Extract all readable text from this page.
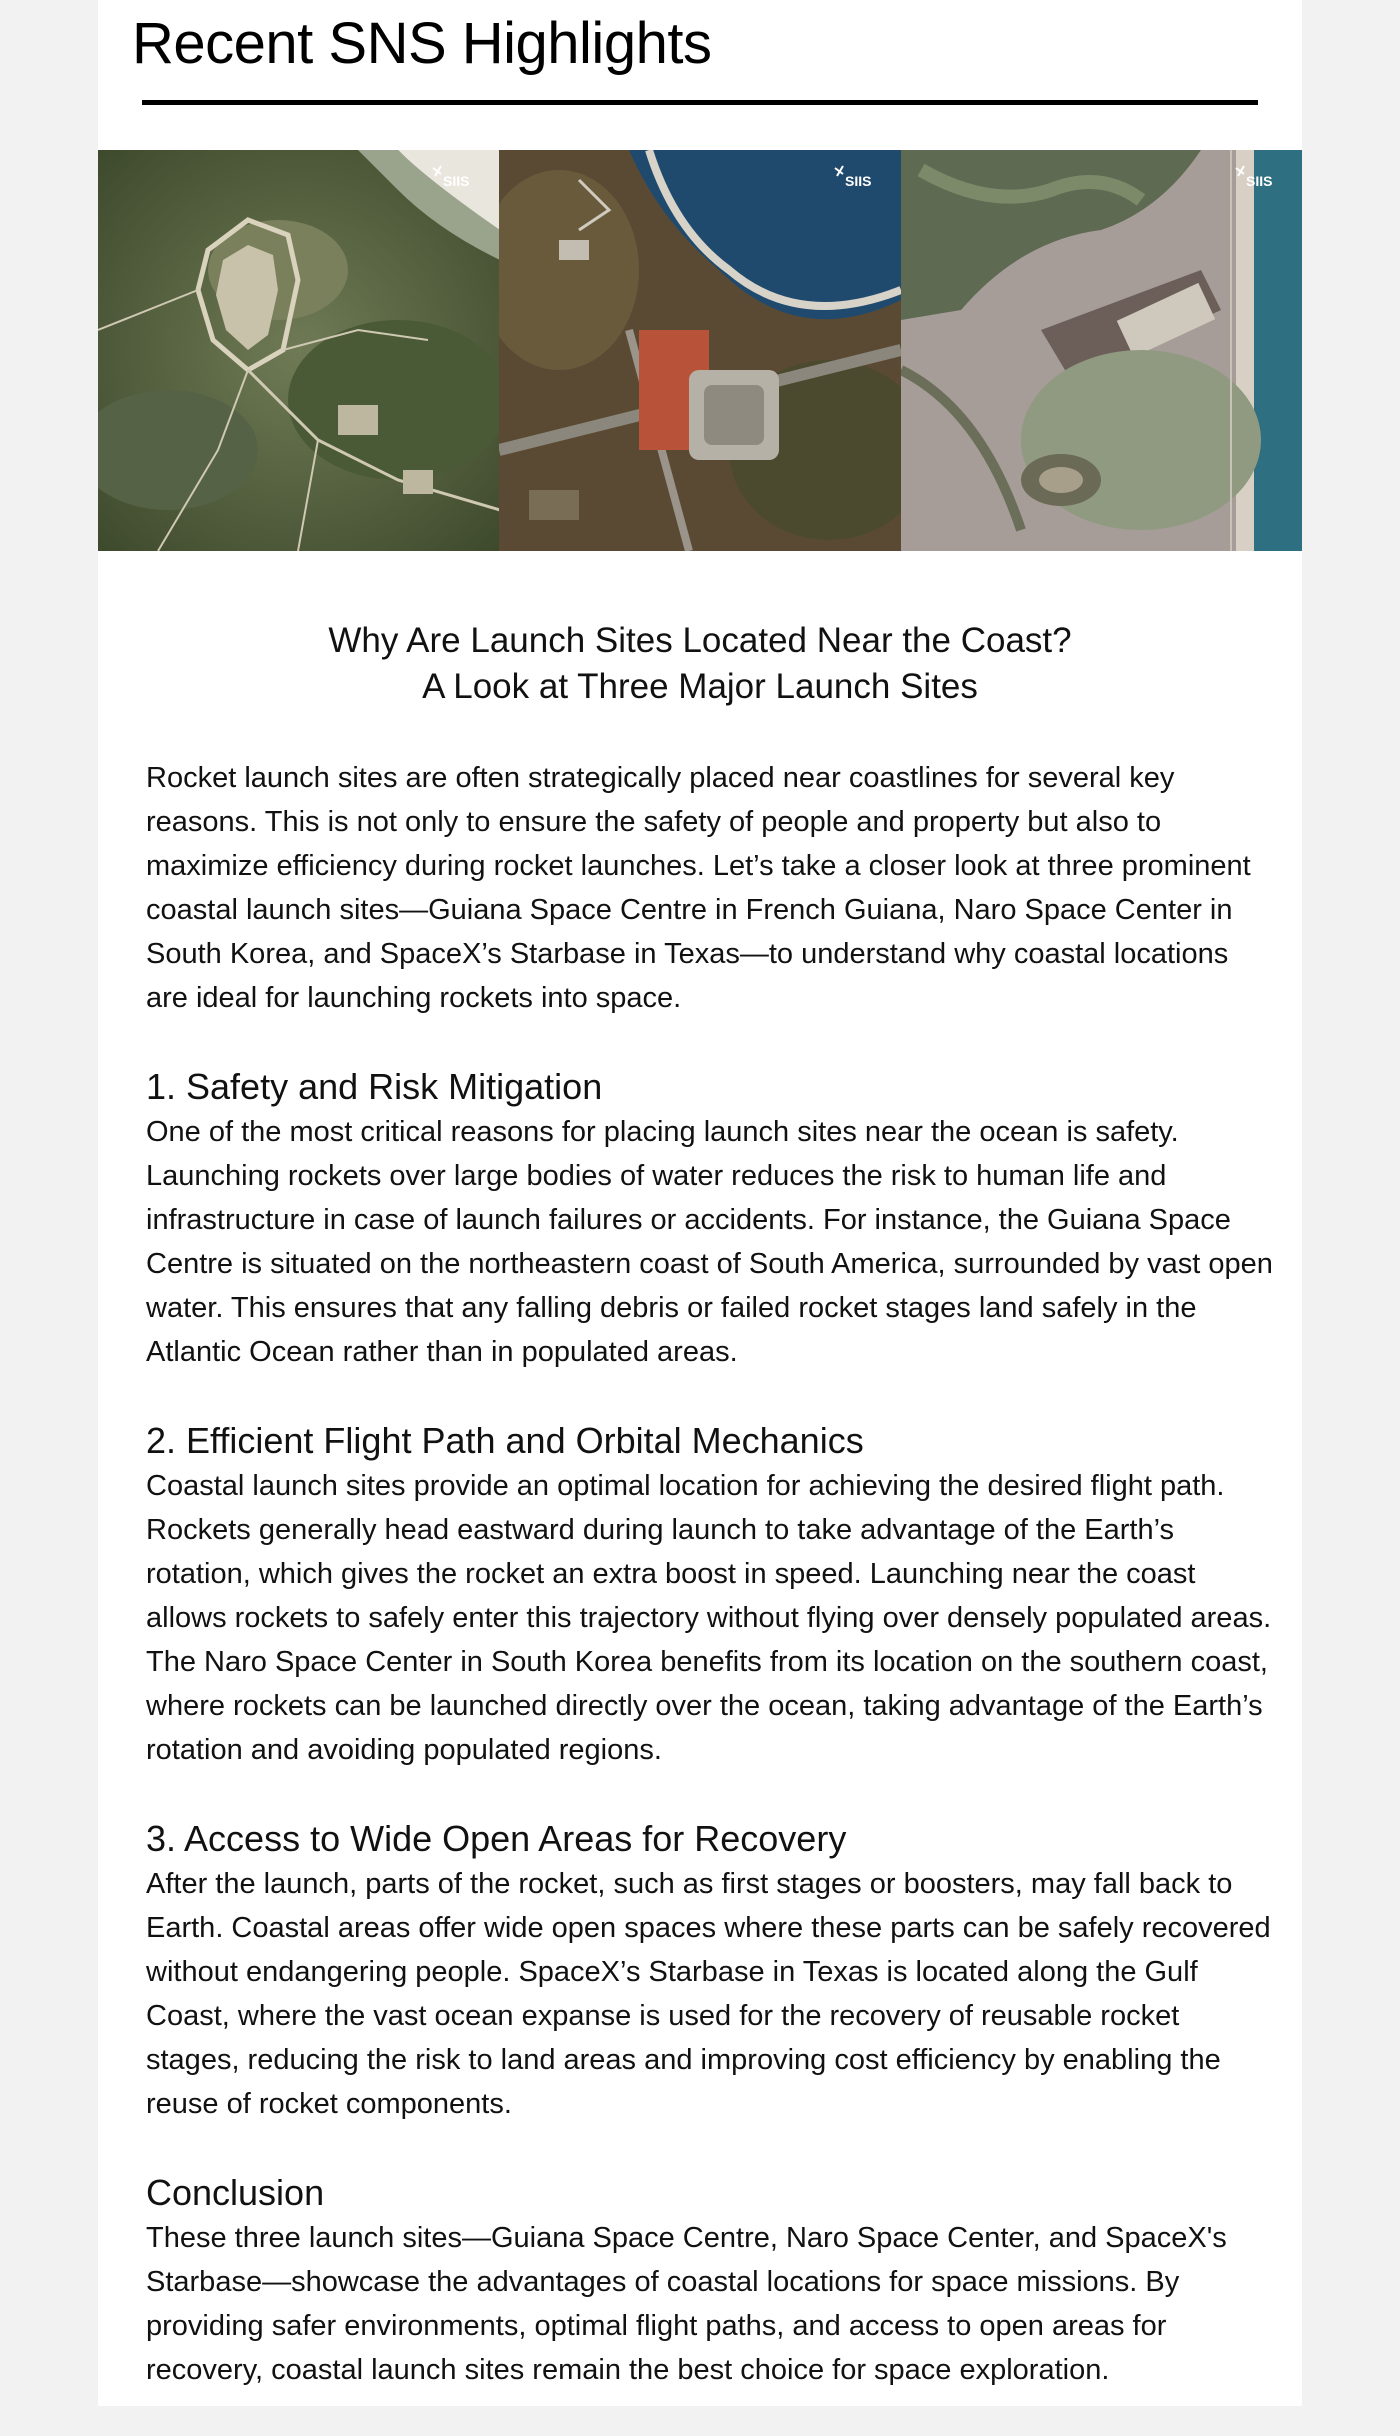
Recent SNS Highlights
SIIS	SIIS	SIIS
Why Are Launch Sites Located Near the Coast?
A Look at Three Major Launch Sites

Rocket launch sites are often strategically placed near coastlines for several key reasons. This is not only to ensure the safety of people and property but also to maximize efficiency during rocket launches. Let’s take a closer look at three prominent coastal launch sites—Guiana Space Centre in French Guiana, Naro Space Center in South Korea, and SpaceX’s Starbase in Texas—to understand why coastal locations are ideal for launching rockets into space.

1. Safety and Risk Mitigation

One of the most critical reasons for placing launch sites near the ocean is safety. Launching rockets over large bodies of water reduces the risk to human life and infrastructure in case of launch failures or accidents. For instance, the Guiana Space Centre is situated on the northeastern coast of South America, surrounded by vast open water. This ensures that any falling debris or failed rocket stages land safely in the Atlantic Ocean rather than in populated areas.

2. Efficient Flight Path and Orbital Mechanics

Coastal launch sites provide an optimal location for achieving the desired flight path. Rockets generally head eastward during launch to take advantage of the Earth’s rotation, which gives the rocket an extra boost in speed. Launching near the coast allows rockets to safely enter this trajectory without flying over densely populated areas. The Naro Space Center in South Korea benefits from its location on the southern coast, where rockets can be launched directly over the ocean, taking advantage of the Earth’s rotation and avoiding populated regions.

3. Access to Wide Open Areas for Recovery

After the launch, parts of the rocket, such as first stages or boosters, may fall back to Earth. Coastal areas offer wide open spaces where these parts can be safely recovered without endangering people. SpaceX’s Starbase in Texas is located along the Gulf Coast, where the vast ocean expanse is used for the recovery of reusable rocket stages, reducing the risk to land areas and improving cost efficiency by enabling the reuse of rocket components.

Conclusion

These three launch sites—Guiana Space Centre, Naro Space Center, and SpaceX's Starbase—showcase the advantages of coastal locations for space missions. By providing safer environments, optimal flight paths, and access to open areas for recovery, coastal launch sites remain the best choice for space exploration.
